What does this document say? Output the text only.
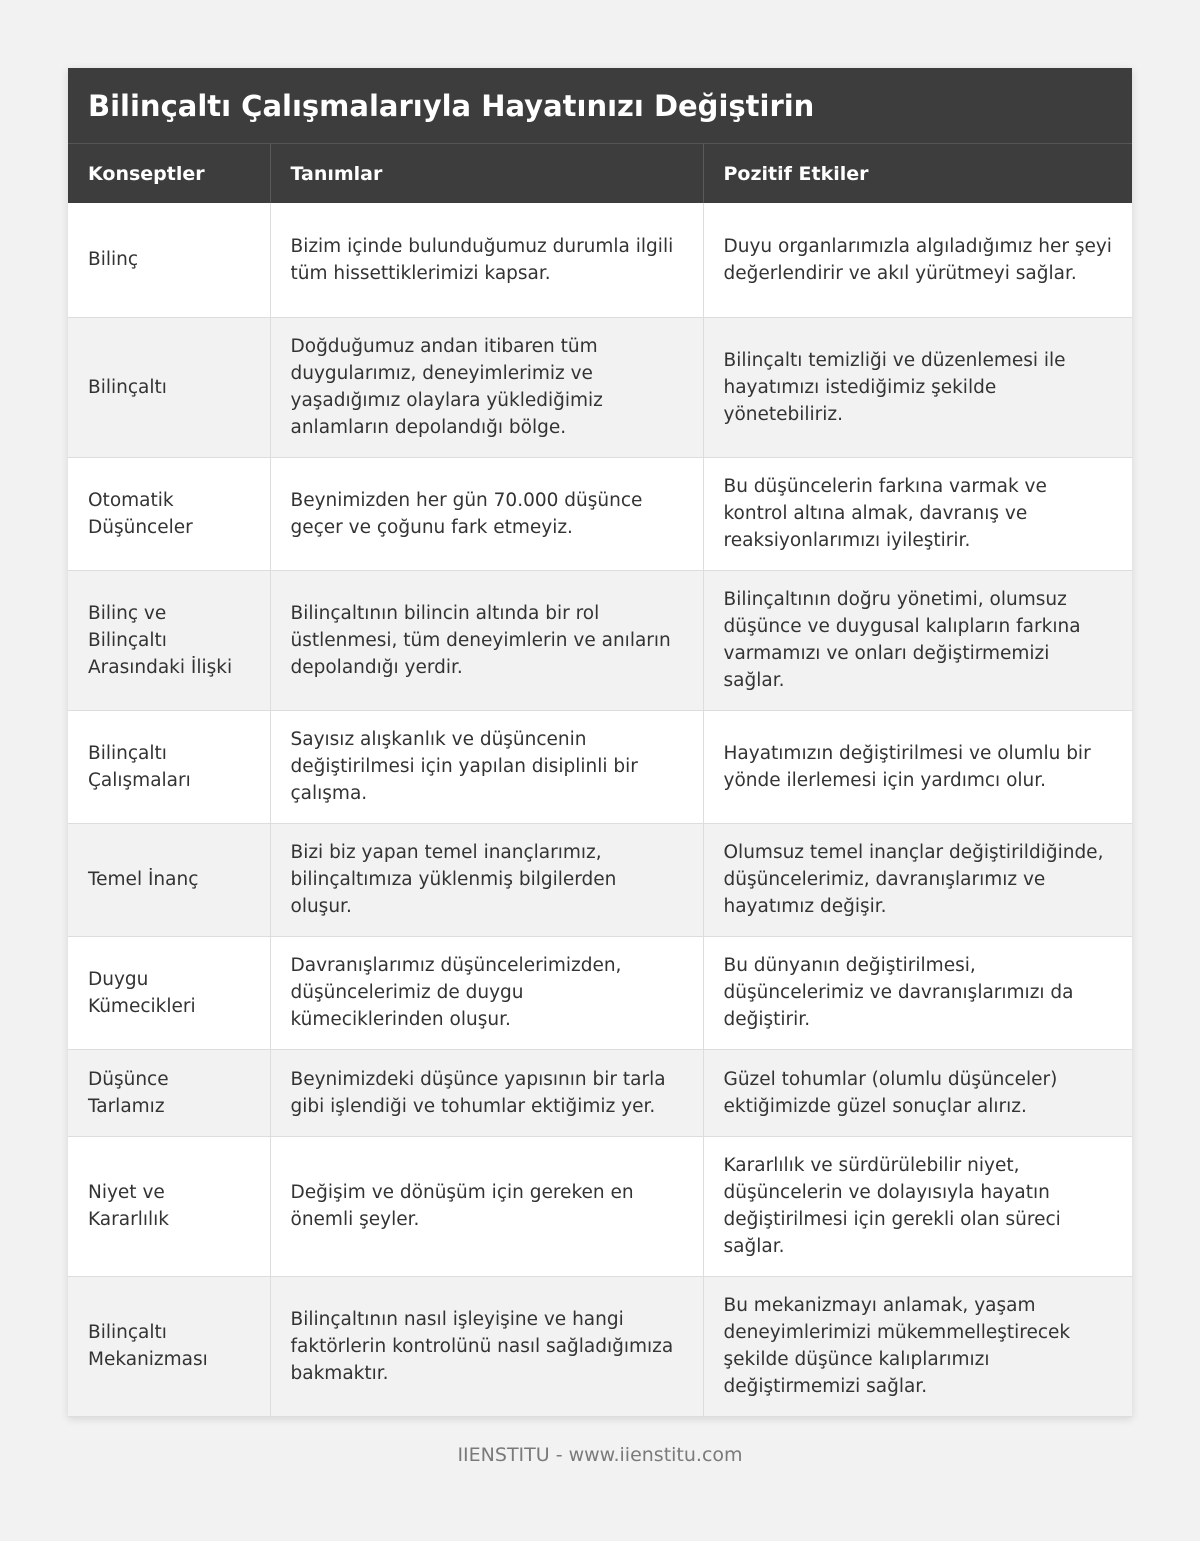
Bilinçaltı Çalışmalarıyla Hayatınızı Değiştirin
Konseptler	Tanımlar	Pozitif Etkiler
Bilinç	Bizim içinde bulunduğumuz durumla ilgili tüm hissettiklerimizi kapsar.	Duyu organlarımızla algıladığımız her şeyi değerlendirir ve akıl yürütmeyi sağlar.
Bilinçaltı	Doğduğumuz andan itibaren tüm duygularımız, deneyimlerimiz ve yaşadığımız olaylara yüklediğimiz anlamların depolandığı bölge.	Bilinçaltı temizliği ve düzenlemesi ile hayatımızı istediğimiz şekilde yönetebiliriz.
Otomatik Düşünceler	Beynimizden her gün 70.000 düşünce geçer ve çoğunu fark etmeyiz.	Bu düşüncelerin farkına varmak ve kontrol altına almak, davranış ve reaksiyonlarımızı iyileştirir.
Bilinç ve Bilinçaltı Arasındaki İlişki	Bilinçaltının bilincin altında bir rol üstlenmesi, tüm deneyimlerin ve anıların depolandığı yerdir.	Bilinçaltının doğru yönetimi, olumsuz düşünce ve duygusal kalıpların farkına varmamızı ve onları değiştirmemizi sağlar.
Bilinçaltı Çalışmaları	Sayısız alışkanlık ve düşüncenin değiştirilmesi için yapılan disiplinli bir çalışma.	Hayatımızın değiştirilmesi ve olumlu bir yönde ilerlemesi için yardımcı olur.
Temel İnanç	Bizi biz yapan temel inançlarımız, bilinçaltımıza yüklenmiş bilgilerden oluşur.	Olumsuz temel inançlar değiştirildiğinde, düşüncelerimiz, davranışlarımız ve hayatımız değişir.
Duygu Kümecikleri	Davranışlarımız düşüncelerimizden, düşüncelerimiz de duygu kümeciklerinden oluşur.	Bu dünyanın değiştirilmesi, düşüncelerimiz ve davranışlarımızı da değiştirir.
Düşünce Tarlamız	Beynimizdeki düşünce yapısının bir tarla gibi işlendiği ve tohumlar ektiğimiz yer.	Güzel tohumlar (olumlu düşünceler) ektiğimizde güzel sonuçlar alırız.
Niyet ve Kararlılık	Değişim ve dönüşüm için gereken en önemli şeyler.	Kararlılık ve sürdürülebilir niyet, düşüncelerin ve dolayısıyla hayatın değiştirilmesi için gerekli olan süreci sağlar.
Bilinçaltı Mekanizması	Bilinçaltının nasıl işleyişine ve hangi faktörlerin kontrolünü nasıl sağladığımıza bakmaktır.	Bu mekanizmayı anlamak, yaşam deneyimlerimizi mükemmelleştirecek şekilde düşünce kalıplarımızı değiştirmemizi sağlar.
IIENSTITU - www.iienstitu.com
